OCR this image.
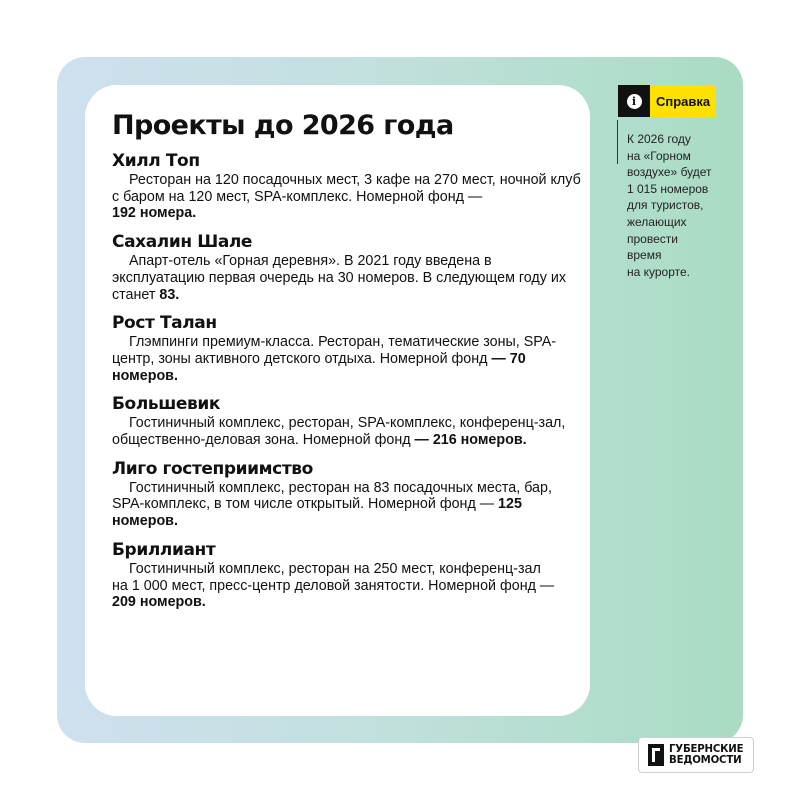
Проекты до 2026 года
Хилл Топ
Ресторан на 120 посадочных мест, 3 кафе на 270 мест, ночной клуб
с баром на 120 мест, SPA-комплекс. Номерной фонд —
192 номера.
Сахалин Шале
Апарт-отель «Горная деревня». В 2021 году введена в эксплуатацию первая очередь на 30 номеров. В следующем году их станет 83.
Рост Талан
Глэмпинги премиум-класса. Ресторан, тематические зоны, SPA-центр, зоны активного детского отдыха. Номерной фонд — 70 номеров.
Большевик
Гостиничный комплекс, ресторан, SPA-комплекс, конференц-зал, общественно-деловая зона. Номерной фонд — 216 номеров.
Лиго гостеприимство
Гостиничный комплекс, ресторан на 83 посадочных места, бар, SPA-комплекс, в том числе открытый. Номерной фонд — 125 номеров.
Бриллиант
Гостиничный комплекс, ресторан на 250 мест, конференц-зал
на 1 000 мест, пресс-центр деловой занятости. Номерной фонд —
209 номеров.
i	Справка
К 2026 году
на «Горном
воздухе» будет
1 015 номеров
для туристов,
желающих
провести
время
на курорте.
ГУБЕРНСКИЕ
ВЕДОМОСТИ
